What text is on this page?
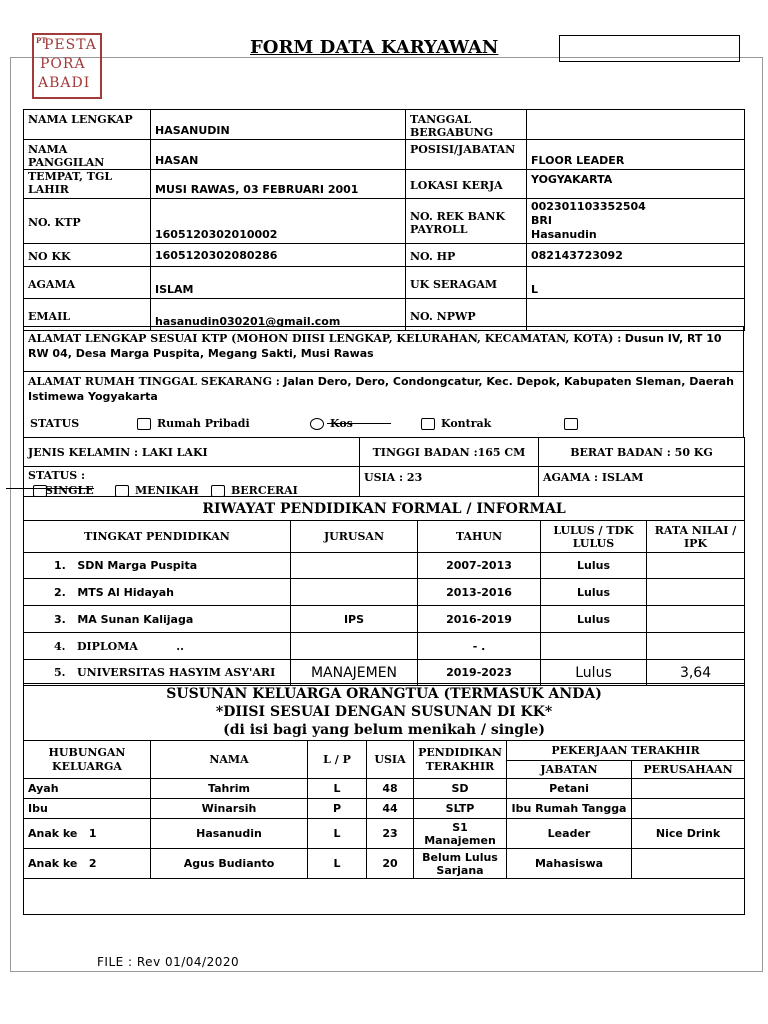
PT
PESTA
PORA
ABADI
FORM DATA KARYAWAN
NAMA LENGKAP	HASANUDIN	TANGGAL BERGABUNG	
NAMA PANGGILAN	HASAN	POSISI/JABATAN	FLOOR LEADER
TEMPAT, TGL LAHIR	MUSI RAWAS, 03 FEBRUARI 2001	LOKASI KERJA	YOGYAKARTA
NO. KTP	1605120302010002	NO. REK BANK PAYROLL	002301103352504
BRI
Hasanudin

NO KK	1605120302080286	NO. HP	082143723092
AGAMA	ISLAM	UK SERAGAM	L
EMAIL	hasanudin030201@gmail.com	NO. NPWP	
ALAMAT LENGKAP SESUAI KTP (MOHON DIISI LENGKAP, KELURAHAN, KECAMATAN, KOTA) : Dusun IV, RT 10 RW 04, Desa Marga Puspita, Megang Sakti, Musi Rawas
ALAMAT RUMAH TINGGAL SEKARANG : Jalan Dero, Dero, Condongcatur, Kec. Depok, Kabupaten Sleman, Daerah Istimewa Yogyakarta
STATUS	Rumah Pribadi	Kos	Kontrak
JENIS KELAMIN : LAKI LAKI	TINGGI BADAN :165 CM	BERAT BADAN : 50 KG

STATUS :
SINGLE MENIKAH BERCERAI	USIA : 23	AGAMA : ISLAM
RIWAYAT PENDIDIKAN FORMAL / INFORMAL				
TINGKAT PENDIDIKAN	JURUSAN	TAHUN	LULUS / TDK LULUS	RATA NILAI / IPK
1. SDN Marga Puspita		2007-2013	Lulus	
2. MTS Al Hidayah		2013-2016	Lulus	
3. MA Sunan Kalijaga	IPS	2016-2019	Lulus	
4. DIPLOMA          ..		- .		
5. UNIVERSITAS HASYIM ASY'ARI	MANAJEMEN	2019-2023	Lulus	3,64
SUSUNAN KELUARGA ORANGTUA (TERMASUK ANDA)
*DIISI SESUAI DENGAN SUSUNAN DI KK*
(di isi bagi yang belum menikah / single)						

HUBUNGAN KELUARGA	NAMA	L / P	USIA	PENDIDIKAN TERAKHIR	PEKERJAAN TERAKHIR	
					JABATAN	PERUSAHAAN
Ayah	Tahrim	L	48	SD	Petani	
Ibu	Winarsih	P	44	SLTP	Ibu Rumah Tangga	
Anak ke   1	Hasanudin	L	23	S1 Manajemen	Leader	Nice Drink
Anak ke   2	Agus Budianto	L	20	Belum Lulus Sarjana	Mahasiswa	

FILE : Rev 01/04/2020
